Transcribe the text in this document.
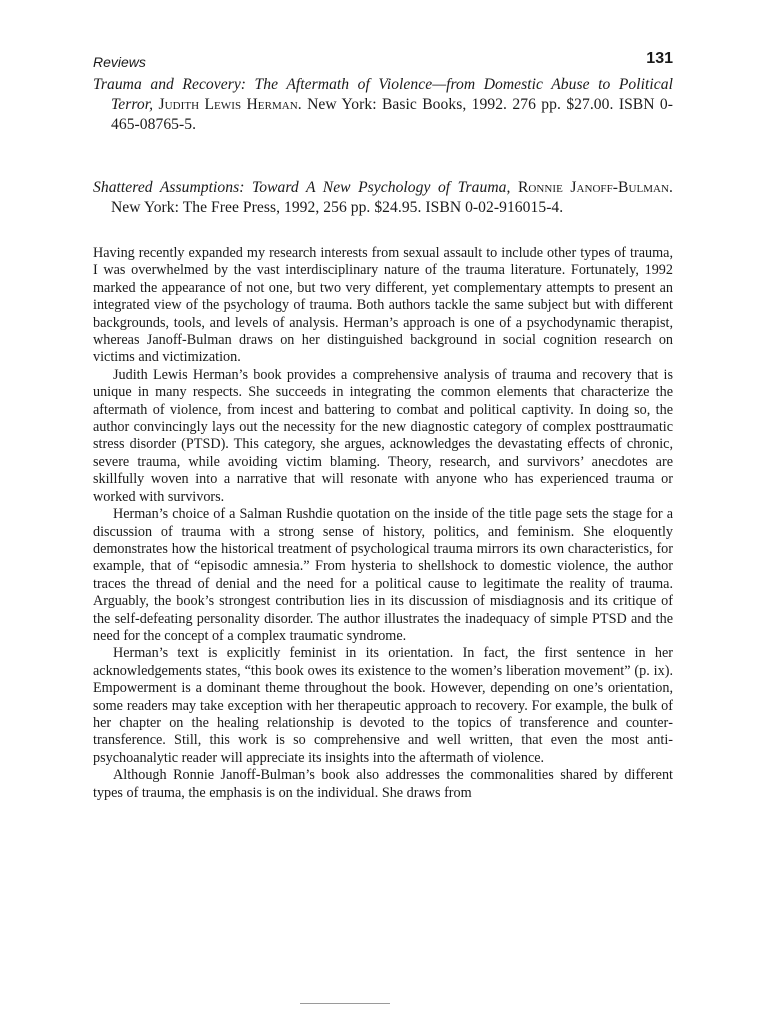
Reviews	131
Trauma and Recovery: The Aftermath of Violence—from Domestic Abuse to Political Terror, Judith Lewis Herman. New York: Basic Books, 1992. 276 pp. $27.00. ISBN 0-465-08765-5.
Shattered Assumptions: Toward A New Psychology of Trauma, Ronnie Janoff-Bulman. New York: The Free Press, 1992, 256 pp. $24.95. ISBN 0-02-916015-4.

Having recently expanded my research interests from sexual assault to include other types of trauma, I was overwhelmed by the vast interdisciplinary nature of the trauma literature. Fortunately, 1992 marked the appearance of not one, but two very different, yet complementary attempts to present an integrated view of the psychology of trauma. Both authors tackle the same subject but with different backgrounds, tools, and levels of analysis. Herman’s approach is one of a psychodynamic therapist, whereas Janoff-Bulman draws on her distinguished background in social cognition research on victims and victimization.

Judith Lewis Herman’s book provides a comprehensive analysis of trauma and recovery that is unique in many respects. She succeeds in integrating the common elements that characterize the aftermath of violence, from incest and battering to combat and political captivity. In doing so, the author convincingly lays out the necessity for the new diagnostic category of complex posttraumatic stress disorder (PTSD). This category, she argues, acknowledges the devastating effects of chronic, severe trauma, while avoiding victim blaming. Theory, research, and survivors’ anecdotes are skillfully woven into a narrative that will resonate with anyone who has experienced trauma or worked with survivors.

Herman’s choice of a Salman Rushdie quotation on the inside of the title page sets the stage for a discussion of trauma with a strong sense of history, politics, and feminism. She eloquently demonstrates how the historical treatment of psychological trauma mirrors its own characteristics, for example, that of “episodic amnesia.” From hysteria to shellshock to domestic violence, the author traces the thread of denial and the need for a political cause to legitimate the reality of trauma. Arguably, the book’s strongest contribution lies in its discussion of misdiagnosis and its critique of the self-defeating personality disorder. The author illustrates the inadequacy of simple PTSD and the need for the concept of a complex traumatic syndrome.

Herman’s text is explicitly feminist in its orientation. In fact, the first sentence in her acknowledgements states, “this book owes its existence to the women’s liberation movement” (p. ix). Empowerment is a dominant theme throughout the book. However, depending on one’s orientation, some readers may take exception with her therapeutic approach to recovery. For example, the bulk of her chapter on the healing relationship is devoted to the topics of transference and countertransference. Still, this work is so comprehensive and well written, that even the most anti-psychoanalytic reader will appreciate its insights into the aftermath of violence.

Although Ronnie Janoff-Bulman’s book also addresses the commonalities shared by different types of trauma, the emphasis is on the individual. She draws from
